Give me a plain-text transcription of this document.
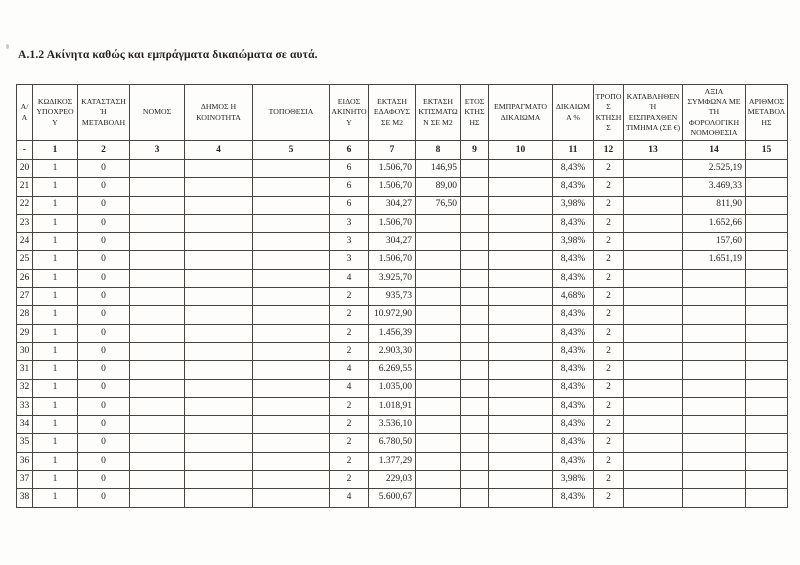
Α.1.2 Ακίνητα καθώς και εμπράγματα δικαιώματα σε αυτά.
Α/Α	ΚΩΔΙΚΟΣ ΥΠΟΧΡΕΟΥ	ΚΑΤΑΣΤΑΣΗ Ή ΜΕΤΑΒΟΛΗ	ΝΟΜΟΣ	ΔΗΜΟΣ Η ΚΟΙΝΟΤΗΤΑ	ΤΟΠΟΘΕΣΙΑ	ΕΙΔΟΣ ΑΚΙΝΗΤΟΥ	ΕΚΤΑΣΗ ΕΔΑΦΟΥΣ ΣΕ Μ2	ΕΚΤΑΣΗ ΚΤΙΣΜΑΤΩΝ ΣΕ Μ2	ΕΤΟΣ ΚΤΗΣΗΣ	ΕΜΠΡΑΓΜΑΤΟ ΔΙΚΑΙΩΜΑ	ΔΙΚΑΙΩΜΑ %	ΤΡΟΠΟΣ ΚΤΗΣΗΣ	ΚΑΤΑΒΛΗΘΕΝ Ή ΕΙΣΠΡΑΧΘΕΝ ΤΙΜΗΜΑ (ΣΕ €)	ΑΞΙΑ ΣΥΜΦΩΝΑ ΜΕ ΤΗ ΦΟΡΟΛΟΓΙΚΗ ΝΟΜΟΘΕΣΙΑ	ΑΡΙΘΜΟΣ ΜΕΤΑΒΟΛΗΣ
-	1	2	3	4	5	6	7	8	9	10	11	12	13	14	15
20	1	0				6	1.506,70	146,95			8,43%	2		2.525,19	
21	1	0				6	1.506,70	89,00			8,43%	2		3.469,33	
22	1	0				6	304,27	76,50			3,98%	2		811,90	
23	1	0				3	1.506,70				8,43%	2		1.652,66	
24	1	0				3	304,27				3,98%	2		157,60	
25	1	0				3	1.506,70				8,43%	2		1.651,19	
26	1	0				4	3.925,70				8,43%	2			
27	1	0				2	935,73				4,68%	2			
28	1	0				2	10.972,90				8,43%	2			
29	1	0				2	1.456,39				8,43%	2			
30	1	0				2	2.903,30				8,43%	2			
31	1	0				4	6.269,55				8,43%	2			
32	1	0				4	1.035,00				8,43%	2			
33	1	0				2	1.018,91				8,43%	2			
34	1	0				2	3.536,10				8,43%	2			
35	1	0				2	6.780,50				8,43%	2			
36	1	0				2	1.377,29				8,43%	2			
37	1	0				2	229,03				3,98%	2			
38	1	0				4	5.600,67				8,43%	2			
